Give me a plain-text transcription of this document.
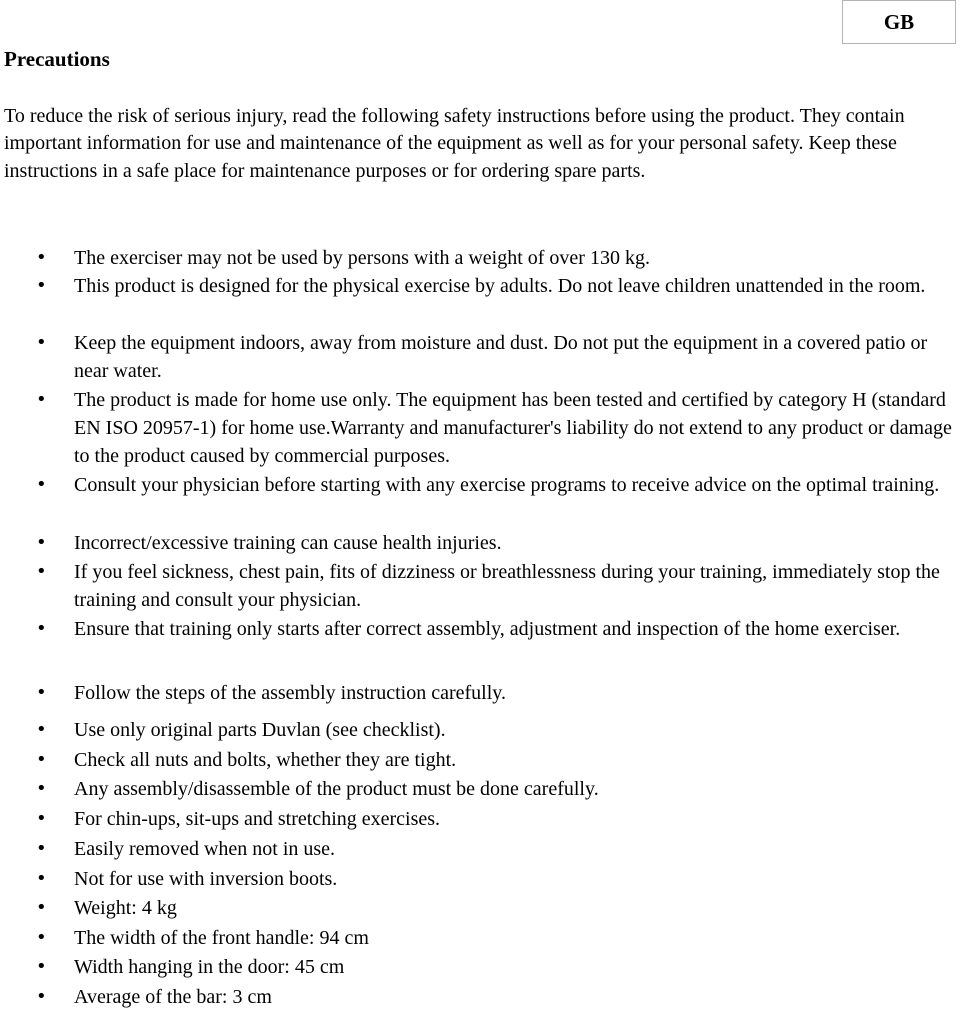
GB
Precautions

To reduce the risk of serious injury, read the following safety instructions before using the product. They contain important information for use and maintenance of the equipment as well as for your personal safety. Keep these instructions in a safe place for maintenance purposes or for ordering spare parts.

• The exerciser may not be used by persons with a weight of over 130 kg.
• This product is designed for the physical exercise by adults. Do not leave children unattended in the room.
• Keep the equipment indoors, away from moisture and dust. Do not put the equipment in a covered patio or near water.
• The product is made for home use only. The equipment has been tested and certified by category H (standard EN ISO 20957-1) for home use.Warranty and manufacturer's liability do not extend to any product or damage to the product caused by commercial purposes.
• Consult your physician before starting with any exercise programs to receive advice on the optimal training.
• Incorrect/excessive training can cause health injuries.
• If you feel sickness, chest pain, fits of dizziness or breathlessness during your training, immediately stop the training and consult your physician.
• Ensure that training only starts after correct assembly, adjustment and inspection of the home exerciser.
• Follow the steps of the assembly instruction carefully.
• Use only original parts Duvlan (see checklist).
• Check all nuts and bolts, whether they are tight.
• Any assembly/disassemble of the product must be done carefully.
• For chin-ups, sit-ups and stretching exercises.
• Easily removed when not in use.
• Not for use with inversion boots.
• Weight: 4 kg
• The width of the front handle: 94 cm
• Width hanging in the door: 45 cm
• Average of the bar: 3 cm
